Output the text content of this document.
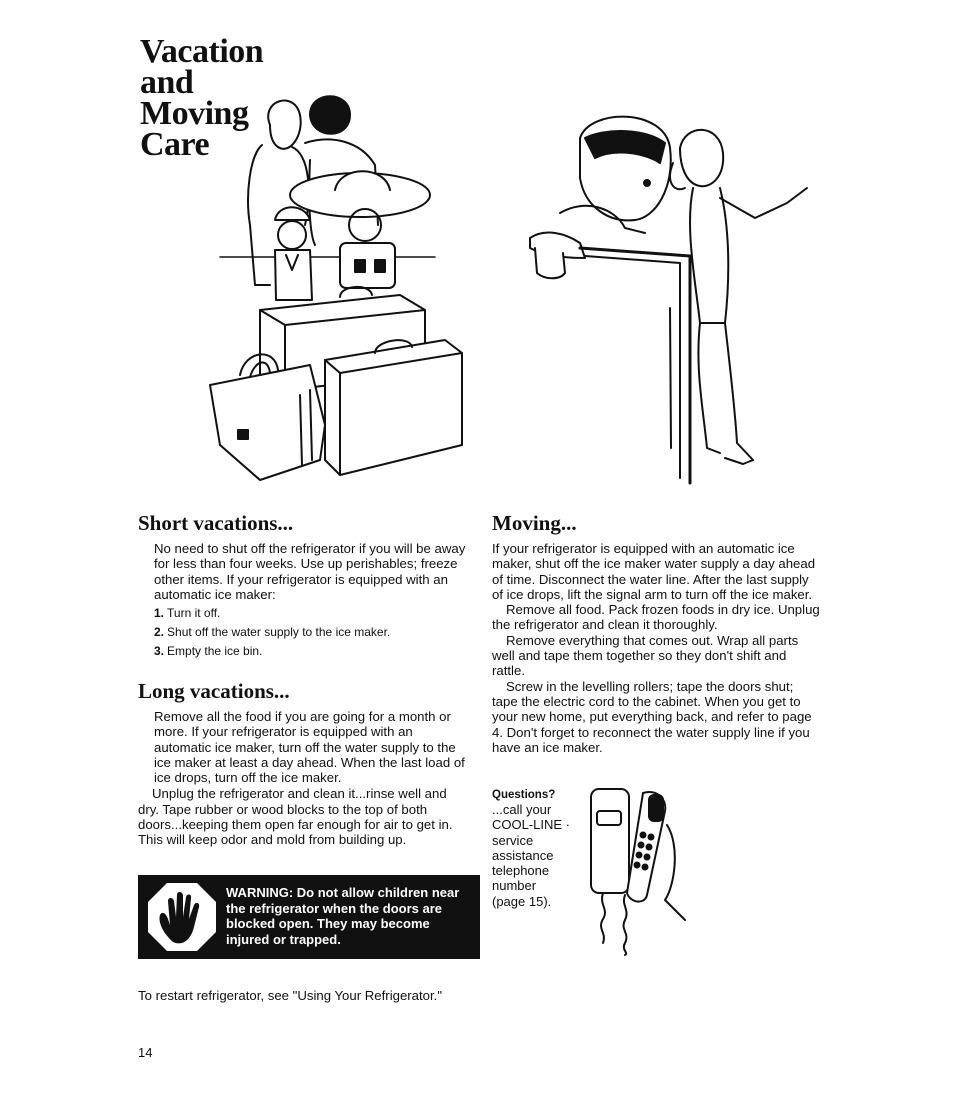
Vacation
and
Moving
Care
Short vacations...

No need to shut off the refrigerator if you will be away for less than four weeks. Use up perishables; freeze other items. If your refrigerator is equipped with an automatic ice maker:

1. Turn it off.
2. Shut off the water supply to the ice maker.
3. Empty the ice bin.
Long vacations...

Remove all the food if you are going for a month or more. If your refrigerator is equipped with an automatic ice maker, turn off the water supply to the ice maker at least a day ahead. When the last load of ice drops, turn off the ice maker.

Unplug the refrigerator and clean it...rinse well and dry. Tape rubber or wood blocks to the top of both doors...keeping them open far enough for air to get in. This will keep odor and mold from building up.

WARNING: Do not allow children near the refrigerator when the doors are blocked open. They may become injured or trapped.

To restart refrigerator, see "Using Your Refrigerator."

14
Moving...

If your refrigerator is equipped with an automatic ice maker, shut off the ice maker water supply a day ahead of time. Disconnect the water line. After the last supply of ice drops, lift the signal arm to turn off the ice maker.

Remove all food. Pack frozen foods in dry ice. Unplug the refrigerator and clean it thoroughly.

Remove everything that comes out. Wrap all parts well and tape them together so they don't shift and rattle.

Screw in the levelling rollers; tape the doors shut; tape the electric cord to the cabinet. When you get to your new home, put everything back, and refer to page 4. Don't forget to reconnect the water supply line if you have an ice maker.

Questions?
...call your
COOL-LINE ·
service
assistance
telephone
number
(page 15).
